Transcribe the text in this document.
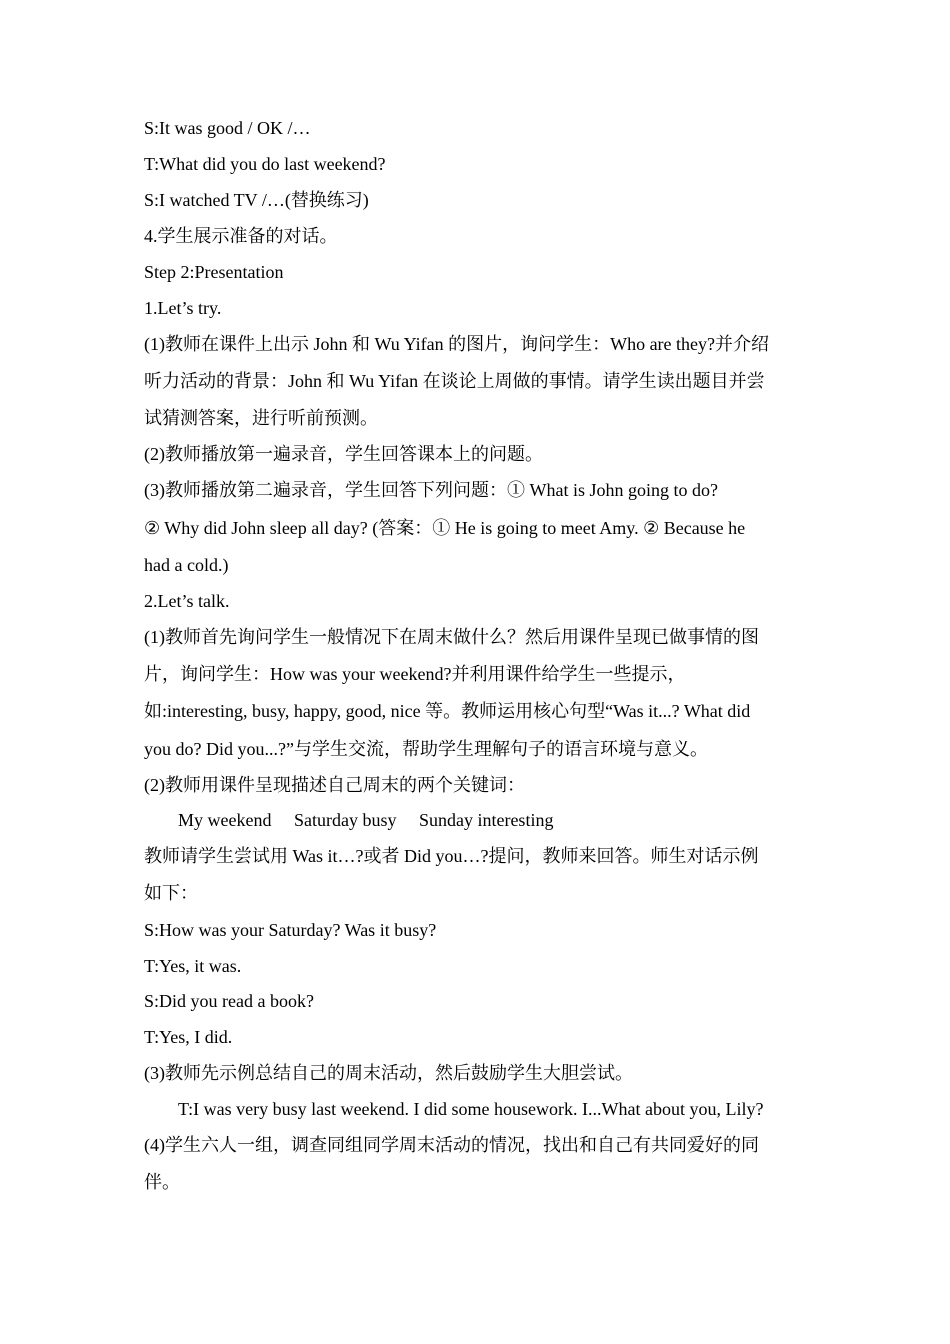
S:It was good / OK /…
T:What did you do last weekend?
S:I watched TV /…(替换练习)
4.学生展示准备的对话。
Step 2:Presentation
1.Let’s try.
(1)教师在课件上出示 John 和 Wu Yifan 的图片，询问学生：Who are they?并介绍
听力活动的背景：John 和 Wu Yifan 在谈论上周做的事情。请学生读出题目并尝
试猜测答案，进行听前预测。
(2)教师播放第一遍录音，学生回答课本上的问题。
(3)教师播放第二遍录音，学生回答下列问题：① What is John going to do?
② Why did John sleep all day? (答案：① He is going to meet Amy. ② Because he
had a cold.)
2.Let’s talk.
(1)教师首先询问学生一般情况下在周末做什么？然后用课件呈现已做事情的图
片，询问学生：How was your weekend?并利用课件给学生一些提示，
如:interesting, busy, happy, good, nice 等。教师运用核心句型“Was it...? What did
you do? Did you...?”与学生交流，帮助学生理解句子的语言环境与意义。
(2)教师用课件呈现描述自己周末的两个关键词：
My weekend     Saturday busy     Sunday interesting
教师请学生尝试用 Was it…?或者 Did you…?提问，教师来回答。师生对话示例
如下：
S:How was your Saturday? Was it busy?
T:Yes, it was.
S:Did you read a book?
T:Yes, I did.
(3)教师先示例总结自己的周末活动，然后鼓励学生大胆尝试。
T:I was very busy last weekend. I did some housework. I...What about you, Lily?
(4)学生六人一组，调查同组同学周末活动的情况，找出和自己有共同爱好的同
伴。
